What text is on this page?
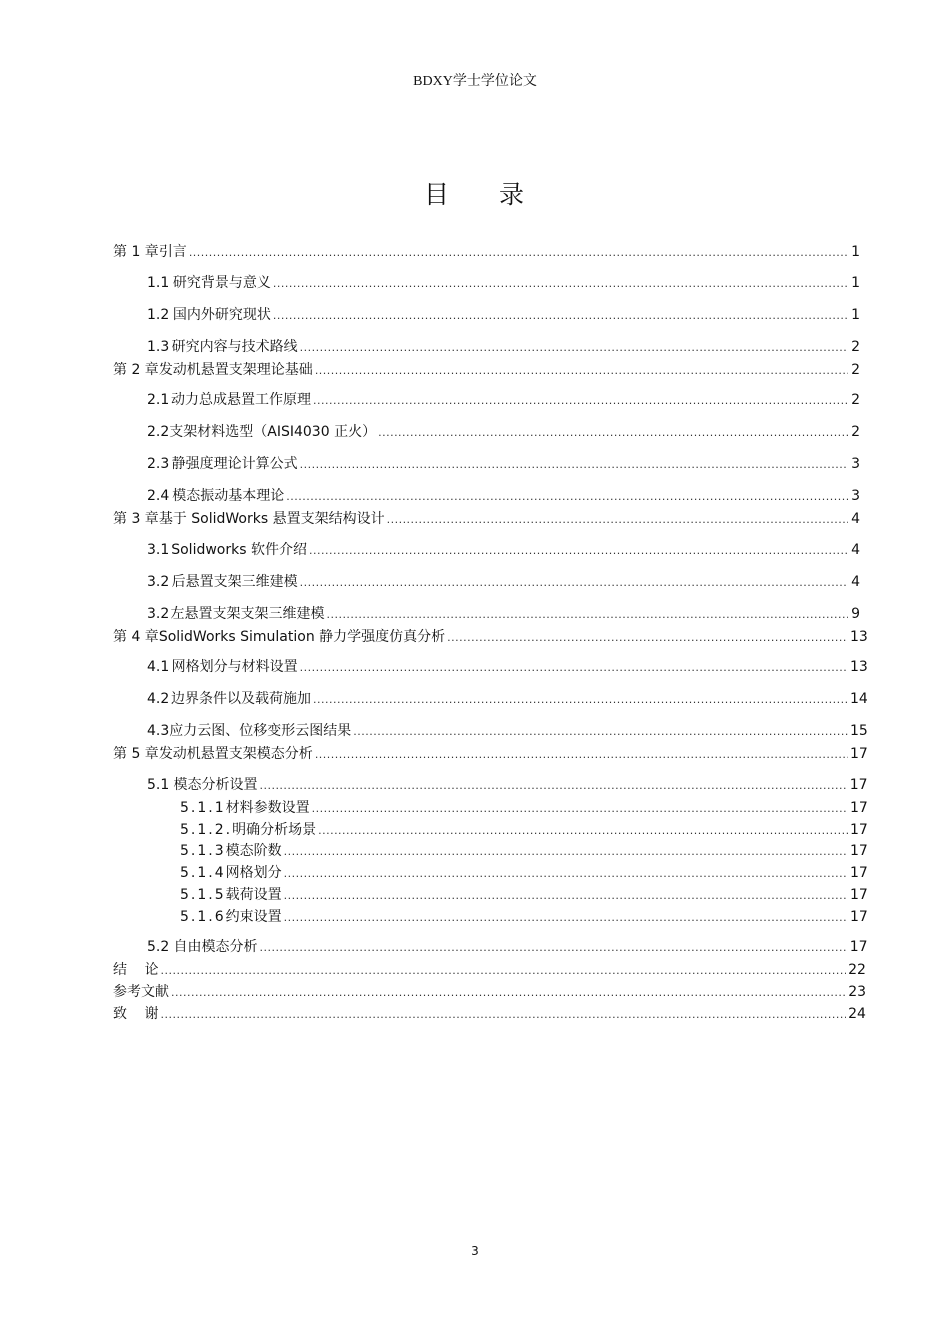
BDXY学士学位论文
目 录
第 1 章 引言 .....	1
1.1 研究背景与意义 .....	1
1.2 国内外研究现状 .....	1
1.3 研究内容与技术路线 .....	2
第 2 章 发动机悬置支架理论基础 .....	2
2.1 动力总成悬置工作原理 .....	2
2.2 支架材料选型（AISI4030 正火） .....	2
2.3 静强度理论计算公式 .....	3
2.4 模态振动基本理论 .....	3
第 3 章 基于 SolidWorks 悬置支架结构设计 .....	4
3.1 Solidworks 软件介绍 .....	4
3.2 后悬置支架三维建模 .....	4
3.2 左悬置支架支架三维建模 .....	9
第 4 章 SolidWorks Simulation 静力学强度仿真分析 .....	13
4.1 网格划分与材料设置 .....	13
4.2 边界条件以及载荷施加 .....	14
4.3 应力云图、位移变形云图结果 .....	15
第 5 章 发动机悬置支架模态分析 .....	17
5.1 模态分析设置 .....	17
5.1.1 材料参数设置 .....	17
5.1.2. 明确分析场景 .....	17
5.1.3 模态阶数 .....	17
5.1.4 网格划分 .....	17
5.1.5 载荷设置 .....	17
5.1.6 约束设置 .....	17
5.2 自由模态分析 .....	17
结	论 .....	22
参考文献 .....	23
致	谢 .....	24
3
